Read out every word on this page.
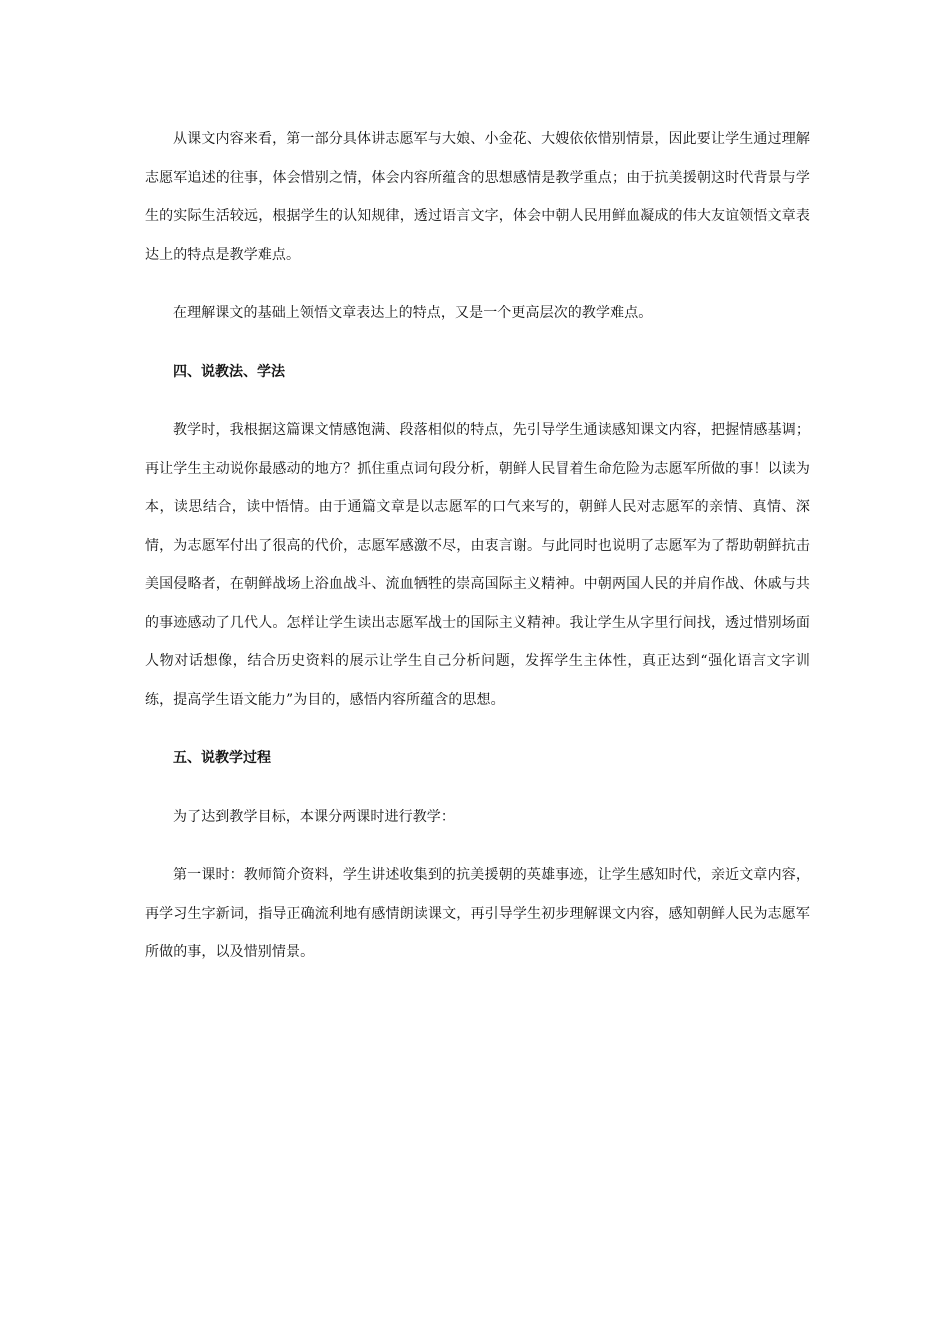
从课文内容来看，第一部分具体讲志愿军与大娘、小金花、大嫂依依惜别情景，因此要让学生通过理解志愿军追述的往事，体会惜别之情，体会内容所蕴含的思想感情是教学重点；由于抗美援朝这时代背景与学生的实际生活较远，根据学生的认知规律，透过语言文字，体会中朝人民用鲜血凝成的伟大友谊领悟文章表达上的特点是教学难点。

在理解课文的基础上领悟文章表达上的特点，又是一个更高层次的教学难点。

四、说教法、学法

教学时，我根据这篇课文情感饱满、段落相似的特点，先引导学生通读感知课文内容，把握情感基调；再让学生主动说你最感动的地方？抓住重点词句段分析，朝鲜人民冒着生命危险为志愿军所做的事！以读为本，读思结合，读中悟情。由于通篇文章是以志愿军的口气来写的，朝鲜人民对志愿军的亲情、真情、深情，为志愿军付出了很高的代价，志愿军感激不尽，由衷言谢。与此同时也说明了志愿军为了帮助朝鲜抗击美国侵略者，在朝鲜战场上浴血战斗、流血牺牲的崇高国际主义精神。中朝两国人民的并肩作战、休戚与共的事迹感动了几代人。怎样让学生读出志愿军战士的国际主义精神。我让学生从字里行间找，透过惜别场面人物对话想像，结合历史资料的展示让学生自己分析问题，发挥学生主体性，真正达到“强化语言文字训练，提高学生语文能力”为目的，感悟内容所蕴含的思想。

五、说教学过程

为了达到教学目标，本课分两课时进行教学：

第一课时：教师简介资料，学生讲述收集到的抗美援朝的英雄事迹，让学生感知时代，亲近文章内容，再学习生字新词，指导正确流利地有感情朗读课文，再引导学生初步理解课文内容，感知朝鲜人民为志愿军所做的事，以及惜别情景。
